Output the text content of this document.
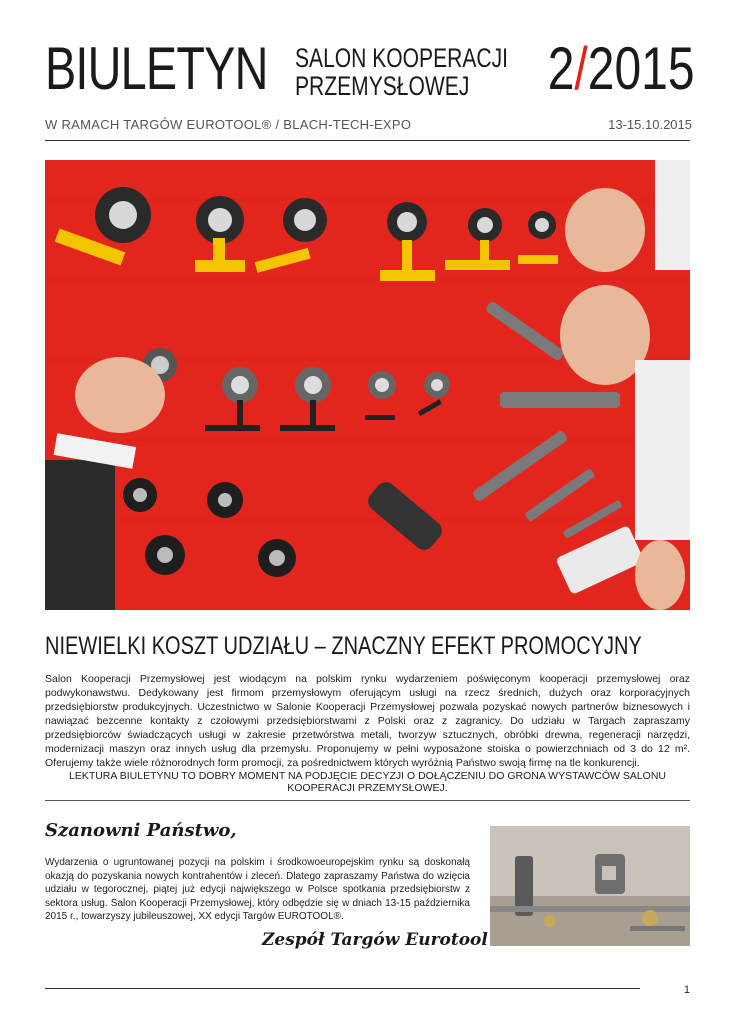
BIULETYN SALON KOOPERACJI
PRZEMYSŁOWEJ	2/2015
W RAMACH TARGÓW EUROTOOL® / BLACH-TECH-EXPO	13-15.10.2015
NIEWIELKI KOSZT UDZIAŁU – ZNACZNY EFEKT PROMOCYJNY
Salon Kooperacji Przemysłowej jest wiodącym na polskim rynku wydarzeniem poświęconym kooperacji przemysłowej oraz podwykonawstwu. Dedykowany jest firmom przemysłowym oferującym usługi na rzecz średnich, dużych oraz korporacyjnych przedsiębiorstw produkcyjnych. Uczestnictwo w Salonie Kooperacji Przemysłowej pozwala pozyskać nowych partnerów biznesowych i nawiązać bezcenne kontakty z czołowymi przedsiębiorstwami z Polski oraz z zagranicy. Do udziału w Targach zapraszamy przedsiębiorców świadczących usługi w zakresie przetwórstwa metali, tworzyw sztucznych, obróbki drewna, regeneracji narzędzi, modernizacji maszyn oraz innych usług dla przemysłu. Proponujemy w pełni wyposażone stoiska o powierzchniach od 3 do 12 m². Oferujemy także wiele różnorodnych form promocji, za pośrednictwem których wyróżnią Państwo swoją firmę na tle konkurencji.
LEKTURA BIULETYNU TO DOBRY MOMENT NA PODJĘCIE DECYZJI O DOŁĄCZENIU DO GRONA WYSTAWCÓW SALONU KOOPERACJI PRZEMYSŁOWEJ.
Szanowni Państwo,
Wydarzenia o ugruntowanej pozycji na polskim i środkowoeuropejskim rynku są doskonałą okazją do pozyskania nowych kontrahentów i zleceń. Dlatego zapraszamy Państwa do wzięcia udziału w tegorocznej, piątej już edycji największego w Polsce spotkania przedsiębiorstw z sektora usług. Salon Kooperacji Przemysłowej, który odbędzie się w dniach 13-15 października 2015 r., towarzyszy jubileuszowej, XX edycji Targów EUROTOOL®.
Zespół Targów Eurotool
1
